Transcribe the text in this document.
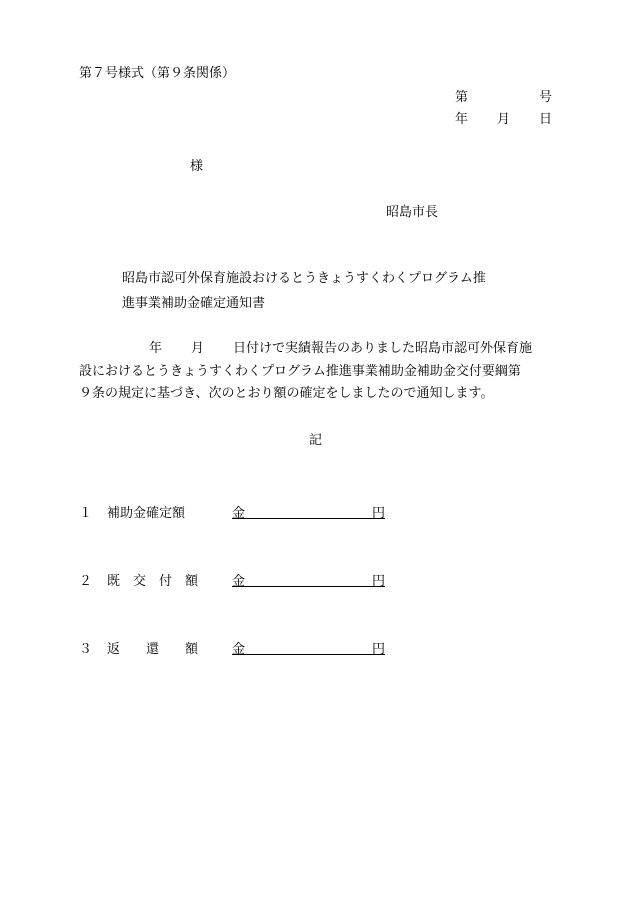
第７号様式（第９条関係）
第	号
年 月 日
様
昭島市長
昭島市認可外保育施設おけるとうきょうすくわくプログラム推
進事業補助金確定通知書
年 月 日付けで実績報告のありました昭島市認可外保育施
設におけるとうきょうすくわくプログラム推進事業補助金補助金交付要綱第
９条の規定に基づき、次のとおり額の確定をしましたので通知します。
記
１ 補助金確定額	金	円
２ 既　交　付　額	金	円
３ 返　　還　　額	金	円
